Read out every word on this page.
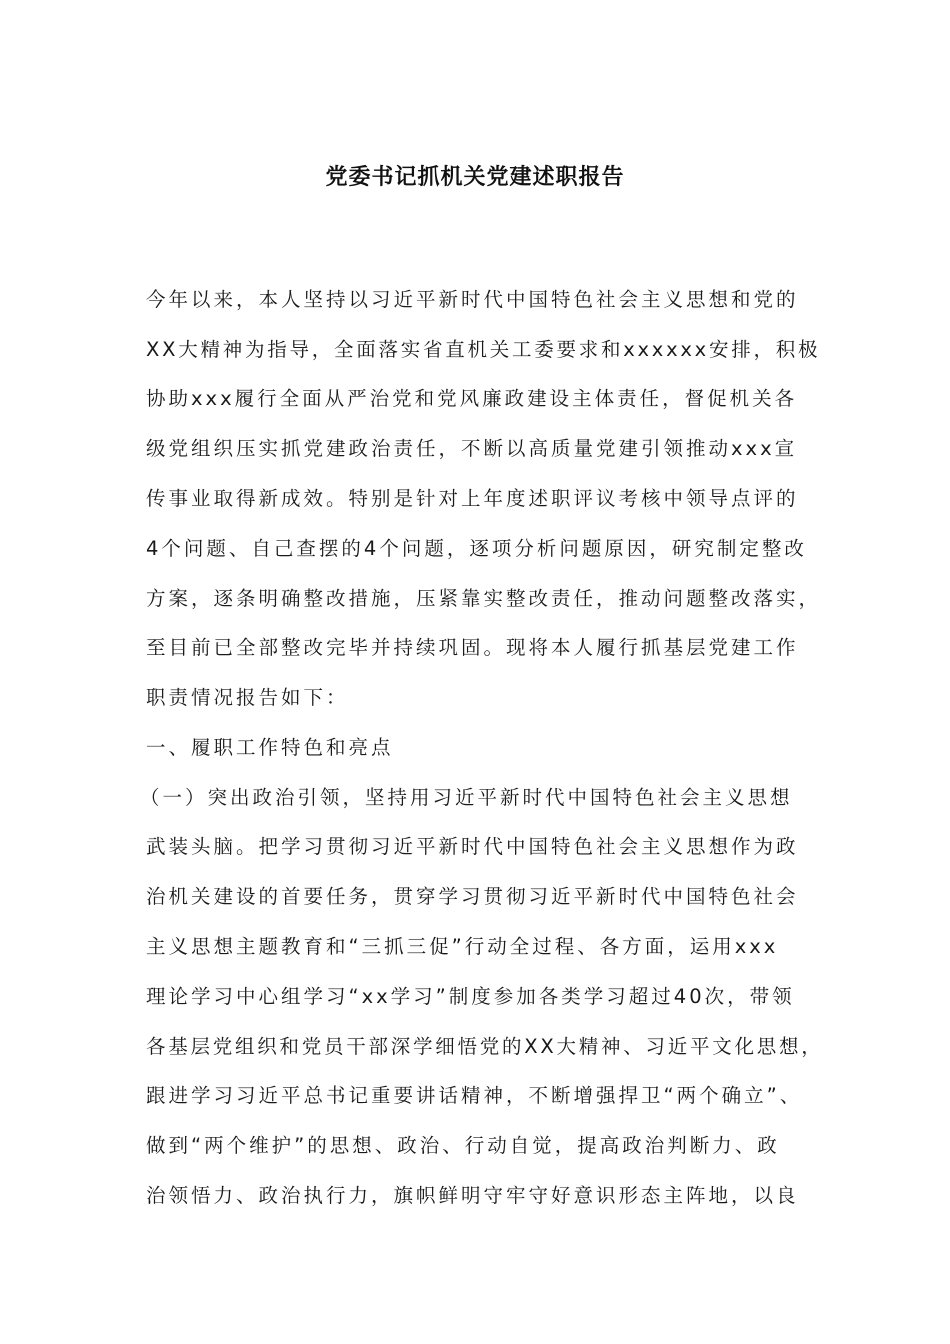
党委书记抓机关党建述职报告
今年以来，本人坚持以习近平新时代中国特色社会主义思想和党的
XX大精神为指导，全面落实省直机关工委要求和xxxxxx安排，积极
协助xxx履行全面从严治党和党风廉政建设主体责任，督促机关各
级党组织压实抓党建政治责任，不断以高质量党建引领推动xxx宣
传事业取得新成效。特别是针对上年度述职评议考核中领导点评的
4个问题、自己查摆的4个问题，逐项分析问题原因，研究制定整改
方案，逐条明确整改措施，压紧靠实整改责任，推动问题整改落实，
至目前已全部整改完毕并持续巩固。现将本人履行抓基层党建工作
职责情况报告如下：
一、履职工作特色和亮点
（一）突出政治引领，坚持用习近平新时代中国特色社会主义思想
武装头脑。把学习贯彻习近平新时代中国特色社会主义思想作为政
治机关建设的首要任务，贯穿学习贯彻习近平新时代中国特色社会
主义思想主题教育和“三抓三促”行动全过程、各方面，运用xxx
理论学习中心组学习“xx学习”制度参加各类学习超过40次，带领
各基层党组织和党员干部深学细悟党的XX大精神、习近平文化思想，
跟进学习习近平总书记重要讲话精神，不断增强捍卫“两个确立”、
做到“两个维护”的思想、政治、行动自觉，提高政治判断力、政
治领悟力、政治执行力，旗帜鲜明守牢守好意识形态主阵地，以良
